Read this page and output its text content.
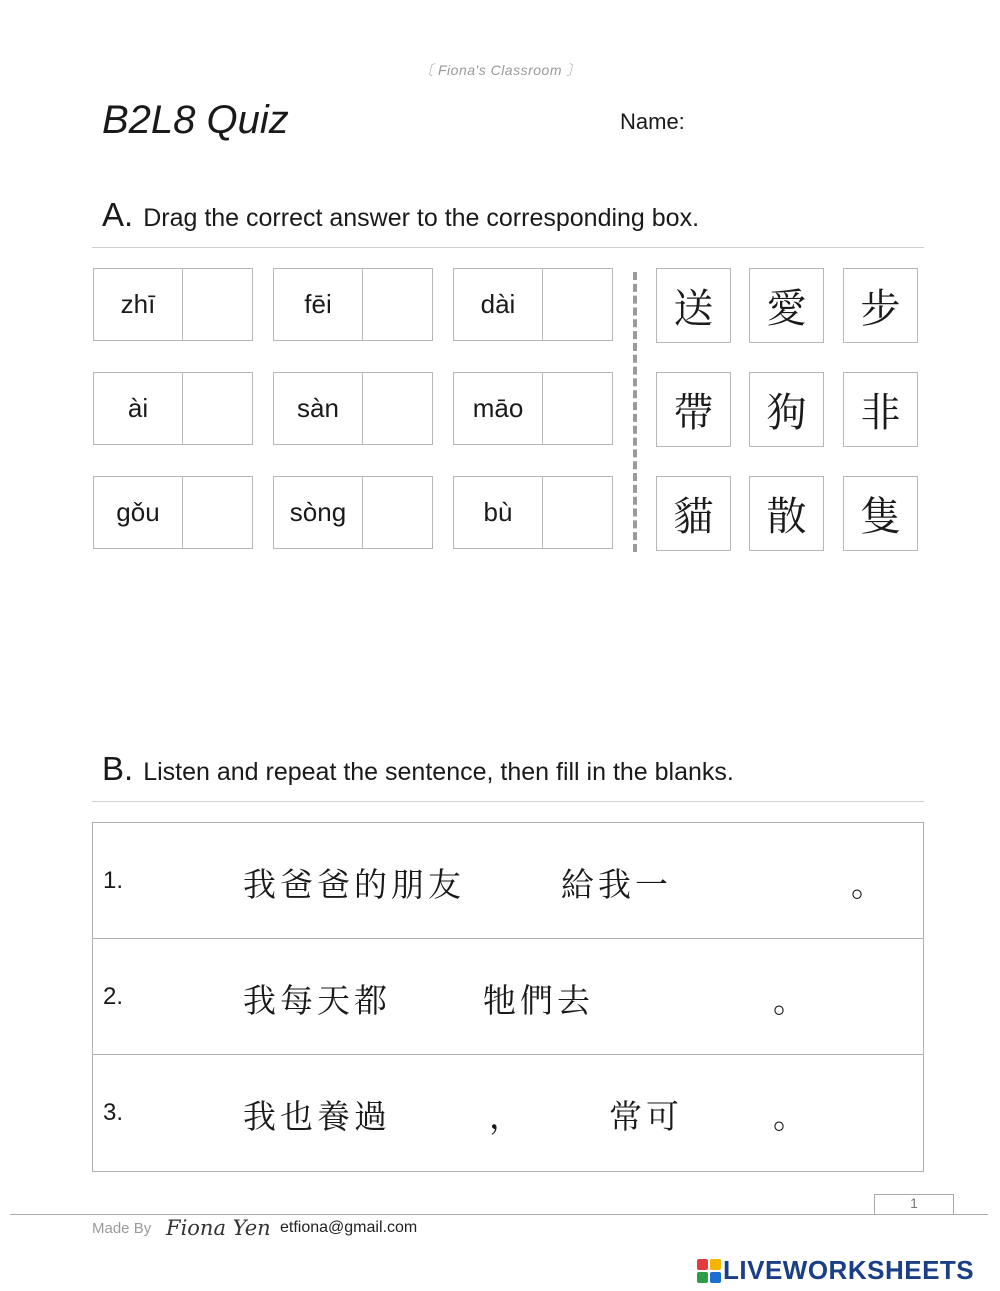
〔 Fiona's Classroom 〕
B2L8 Quiz	Name:
A. Drag the correct answer to the corresponding box.
zhī	fēi	dài
ài	sàn	māo
gǒu	sòng	bù
送	愛	步
帶	狗	非
貓	散	隻
B. Listen and repeat the sentence, then fill in the blanks.
1.	我爸爸的朋友	給我一	。
2.	我每天都	牠們去	。
3.	我也養過	，	常可	。
1
Made By Fiona Yen etfiona@gmail.com
LIVEWORKSHEETS
